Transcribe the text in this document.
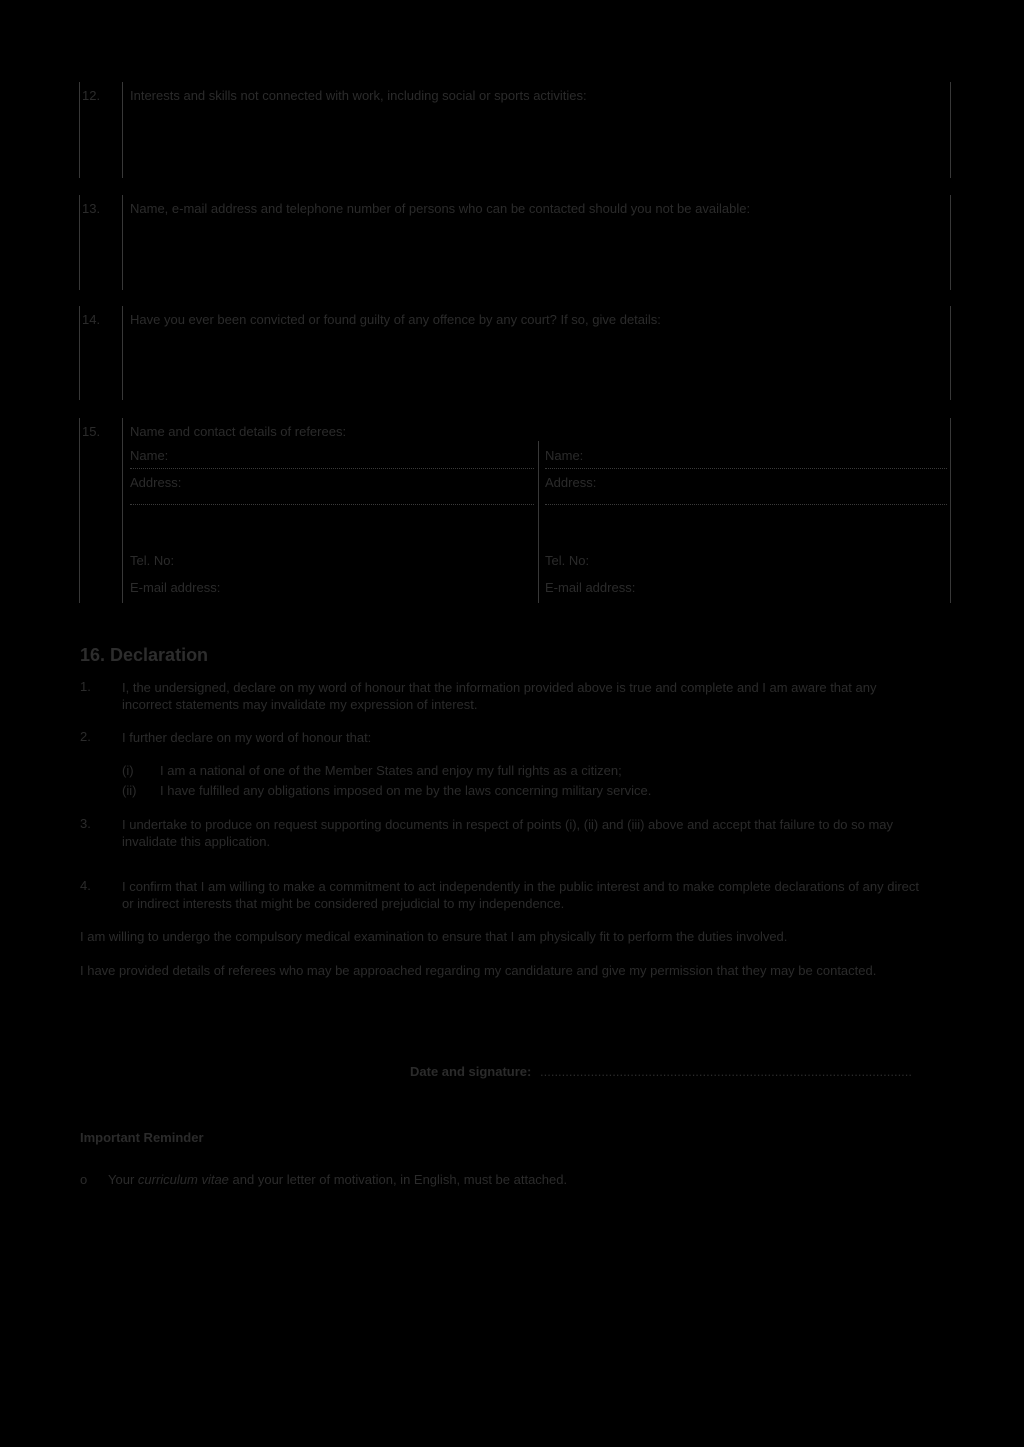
12. Interests and skills not connected with work, including social or sports activities:
13. Name, e-mail address and telephone number of persons who can be contacted should you not be available:
14. Have you ever been convicted or found guilty of any offence by any court? If so, give details:
15. Name and contact details of referees:
Name:
Address:
Tel. No:
E-mail address:
Name:
Address:
Tel. No:
E-mail address:
16. Declaration
1. I, the undersigned, declare on my word of honour that the information provided above is true and complete and I am aware that any incorrect statements may invalidate my expression of interest.
2. I further declare on my word of honour that:
(i) I am a national of one of the Member States and enjoy my full rights as a citizen;
(ii) I have fulfilled any obligations imposed on me by the laws concerning military service.
3. I undertake to produce on request supporting documents in respect of points (i), (ii) and (iii) above and accept that failure to do so may invalidate this application.
4. I confirm that I am willing to make a commitment to act independently in the public interest and to make complete declarations of any direct or indirect interests that might be considered prejudicial to my independence.
I am willing to undergo the compulsory medical examination to ensure that I am physically fit to perform the duties involved.
I have provided details of referees who may be approached regarding my candidature and give my permission that they may be contacted.
Date and signature: .......................................................................................................
Important Reminder
o Your curriculum vitae and your letter of motivation, in English, must be attached.
